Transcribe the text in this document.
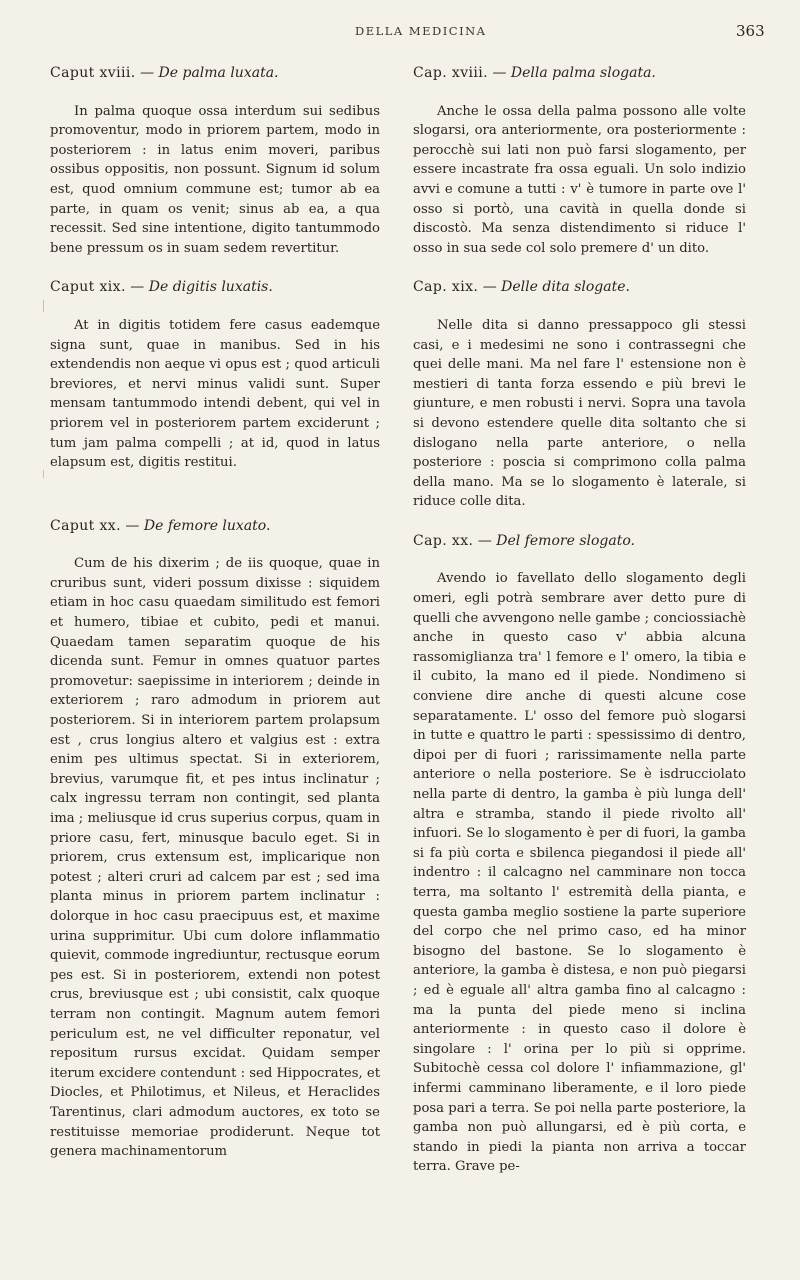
DELLA MEDICINA	363
Caput xviii. — De palma luxata.

In palma quoque ossa interdum sui sedibus promoventur, modo in priorem partem, modo in posteriorem : in latus enim moveri, paribus ossibus oppositis, non possunt. Signum id solum est, quod omnium commune est; tumor ab ea parte, in quam os venit; sinus ab ea, a qua recessit. Sed sine intentione, digito tantummodo bene pressum os in suam sedem revertitur.

Caput xix. — De digitis luxatis.

At in digitis totidem fere casus eademque signa sunt, quae in manibus. Sed in his extendendis non aeque vi opus est ; quod articuli breviores, et nervi minus validi sunt. Super mensam tantummodo intendi debent, qui vel in priorem vel in posteriorem partem exciderunt ; tum jam palma compelli ; at id, quod in latus elapsum est, digitis restitui.

Caput xx. — De femore luxato.

Cum de his dixerim ; de iis quoque, quae in cruribus sunt, videri possum dixisse : siquidem etiam in hoc casu quaedam similitudo est femori et humero, tibiae et cubito, pedi et manui. Quaedam tamen separatim quoque de his dicenda sunt. Femur in omnes quatuor partes promovetur: saepissime in interiorem ; deinde in exteriorem ; raro admodum in priorem aut posteriorem. Si in interiorem partem prolapsum est , crus longius altero et valgius est : extra enim pes ultimus spectat. Si in exteriorem, brevius, varumque fit, et pes intus inclinatur ; calx ingressu terram non contingit, sed planta ima ; meliusque id crus superius corpus, quam in priore casu, fert, minusque baculo eget. Si in priorem, crus extensum est, implicarique non potest ; alteri cruri ad calcem par est ; sed ima planta minus in priorem partem inclinatur : dolorque in hoc casu praecipuus est, et maxime urina supprimitur. Ubi cum dolore inflammatio quievit, commode ingrediuntur, rectusque eorum pes est. Si in posteriorem, extendi non potest crus, breviusque est ; ubi consistit, calx quoque terram non contingit. Magnum autem femori periculum est, ne vel difficulter reponatur, vel repositum rursus excidat. Quidam semper iterum excidere contendunt : sed Hippocrates, et Diocles, et Philotimus, et Nileus, et Heraclides Tarentinus, clari admodum auctores, ex toto se restituisse memoriae prodiderunt. Neque tot genera machinamentorum

Cap. xviii. — Della palma slogata.

Anche le ossa della palma possono alle volte slogarsi, ora anteriormente, ora posteriormente : perocchè sui lati non può farsi slogamento, per essere incastrate fra ossa eguali. Un solo indizio avvi e comune a tutti : v' è tumore in parte ove l' osso si portò, una cavità in quella donde si discostò. Ma senza distendimento si riduce l' osso in sua sede col solo premere d' un dito.

Cap. xix. — Delle dita slogate.

Nelle dita si danno pressappoco gli stessi casi, e i medesimi ne sono i contrassegni che quei delle mani. Ma nel fare l' estensione non è mestieri di tanta forza essendo e più brevi le giunture, e men robusti i nervi. Sopra una tavola si devono estendere quelle dita soltanto che si dislogano nella parte anteriore, o nella posteriore : poscia si comprimono colla palma della mano. Ma se lo slogamento è laterale, si riduce colle dita.

Cap. xx. — Del femore slogato.

Avendo io favellato dello slogamento degli omeri, egli potrà sembrare aver detto pure di quelli che avvengono nelle gambe ; conciossiachè anche in questo caso v' abbia alcuna rassomiglianza tra' l femore e l' omero, la tibia e il cubito, la mano ed il piede. Nondimeno si conviene dire anche di questi alcune cose separatamente. L' osso del femore può slogarsi in tutte e quattro le parti : spessissimo di dentro, dipoi per di fuori ; rarissimamente nella parte anteriore o nella posteriore. Se è isdrucciolato nella parte di dentro, la gamba è più lunga dell' altra e stramba, stando il piede rivolto all' infuori. Se lo slogamento è per di fuori, la gamba si fa più corta e sbilenca piegandosi il piede all' indentro : il calcagno nel camminare non tocca terra, ma soltanto l' estremità della pianta, e questa gamba meglio sostiene la parte superiore del corpo che nel primo caso, ed ha minor bisogno del bastone. Se lo slogamento è anteriore, la gamba è distesa, e non può piegarsi ; ed è eguale all' altra gamba fino al calcagno : ma la punta del piede meno si inclina anteriormente : in questo caso il dolore è singolare : l' orina per lo più si opprime. Subitochè cessa col dolore l' infiammazione, gl' infermi camminano liberamente, e il loro piede posa pari a terra. Se poi nella parte posteriore, la gamba non può allungarsi, ed è più corta, e stando in piedi la pianta non arriva a toccar terra. Grave pe-
